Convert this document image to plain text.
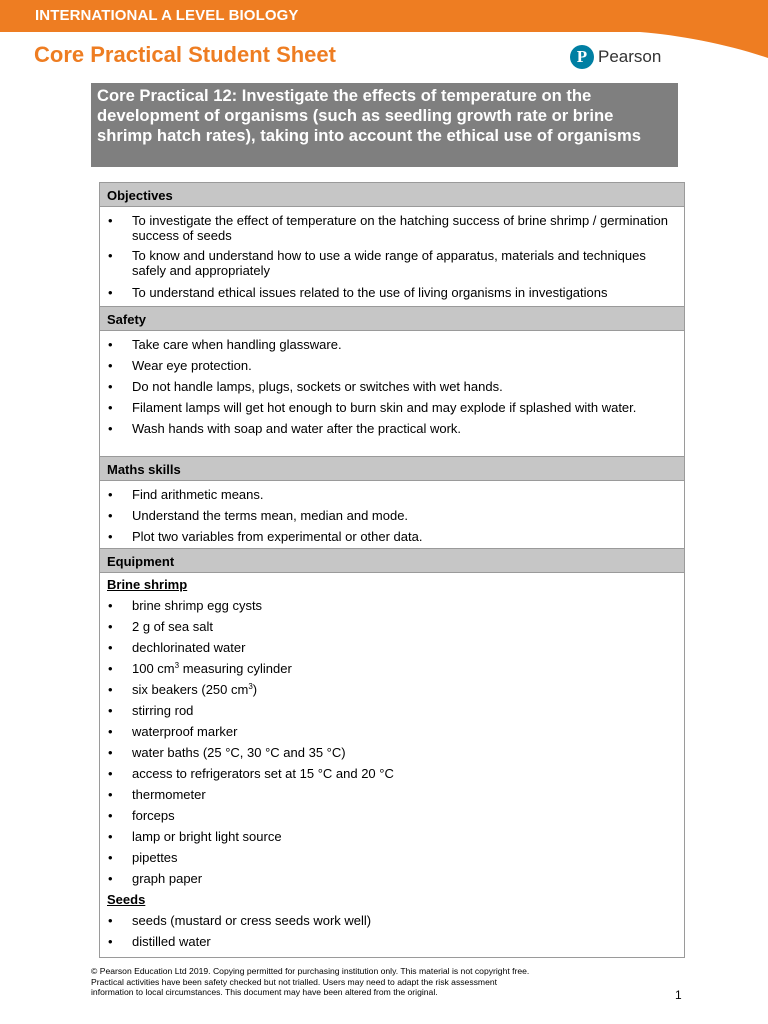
INTERNATIONAL A LEVEL BIOLOGY
Core Practical Student Sheet	P Pearson
Core Practical 12: Investigate the effects of temperature on the development of organisms (such as seedling growth rate or brine shrimp hatch rates), taking into account the ethical use of organisms
Objectives
• To investigate the effect of temperature on the hatching success of brine shrimp / germination success of seeds
• To know and understand how to use a wide range of apparatus, materials and techniques safely and appropriately
• To understand ethical issues related to the use of living organisms in investigations
Safety
• Take care when handling glassware.
• Wear eye protection.
• Do not handle lamps, plugs, sockets or switches with wet hands.
• Filament lamps will get hot enough to burn skin and may explode if splashed with water.
• Wash hands with soap and water after the practical work.
Maths skills
• Find arithmetic means.
• Understand the terms mean, median and mode.
• Plot two variables from experimental or other data.
Equipment
Brine shrimp
• brine shrimp egg cysts
• 2 g of sea salt
• dechlorinated water
• 100 $cm^3$ measuring cylinder
• six beakers (250 $cm^3$)
• stirring rod
• waterproof marker
• water baths (25 °C, 30 °C and 35 °C)
• access to refrigerators set at 15 °C and 20 °C
• thermometer
• forceps
• lamp or bright light source
• pipettes
• graph paper
Seeds
• seeds (mustard or cress seeds work well)
• distilled water
© Pearson Education Ltd 2019. Copying permitted for purchasing institution only. This material is not copyright free.
Practical activities have been safety checked but not trialled. Users may need to adapt the risk assessment
information to local circumstances. This document may have been altered from the original.	1
